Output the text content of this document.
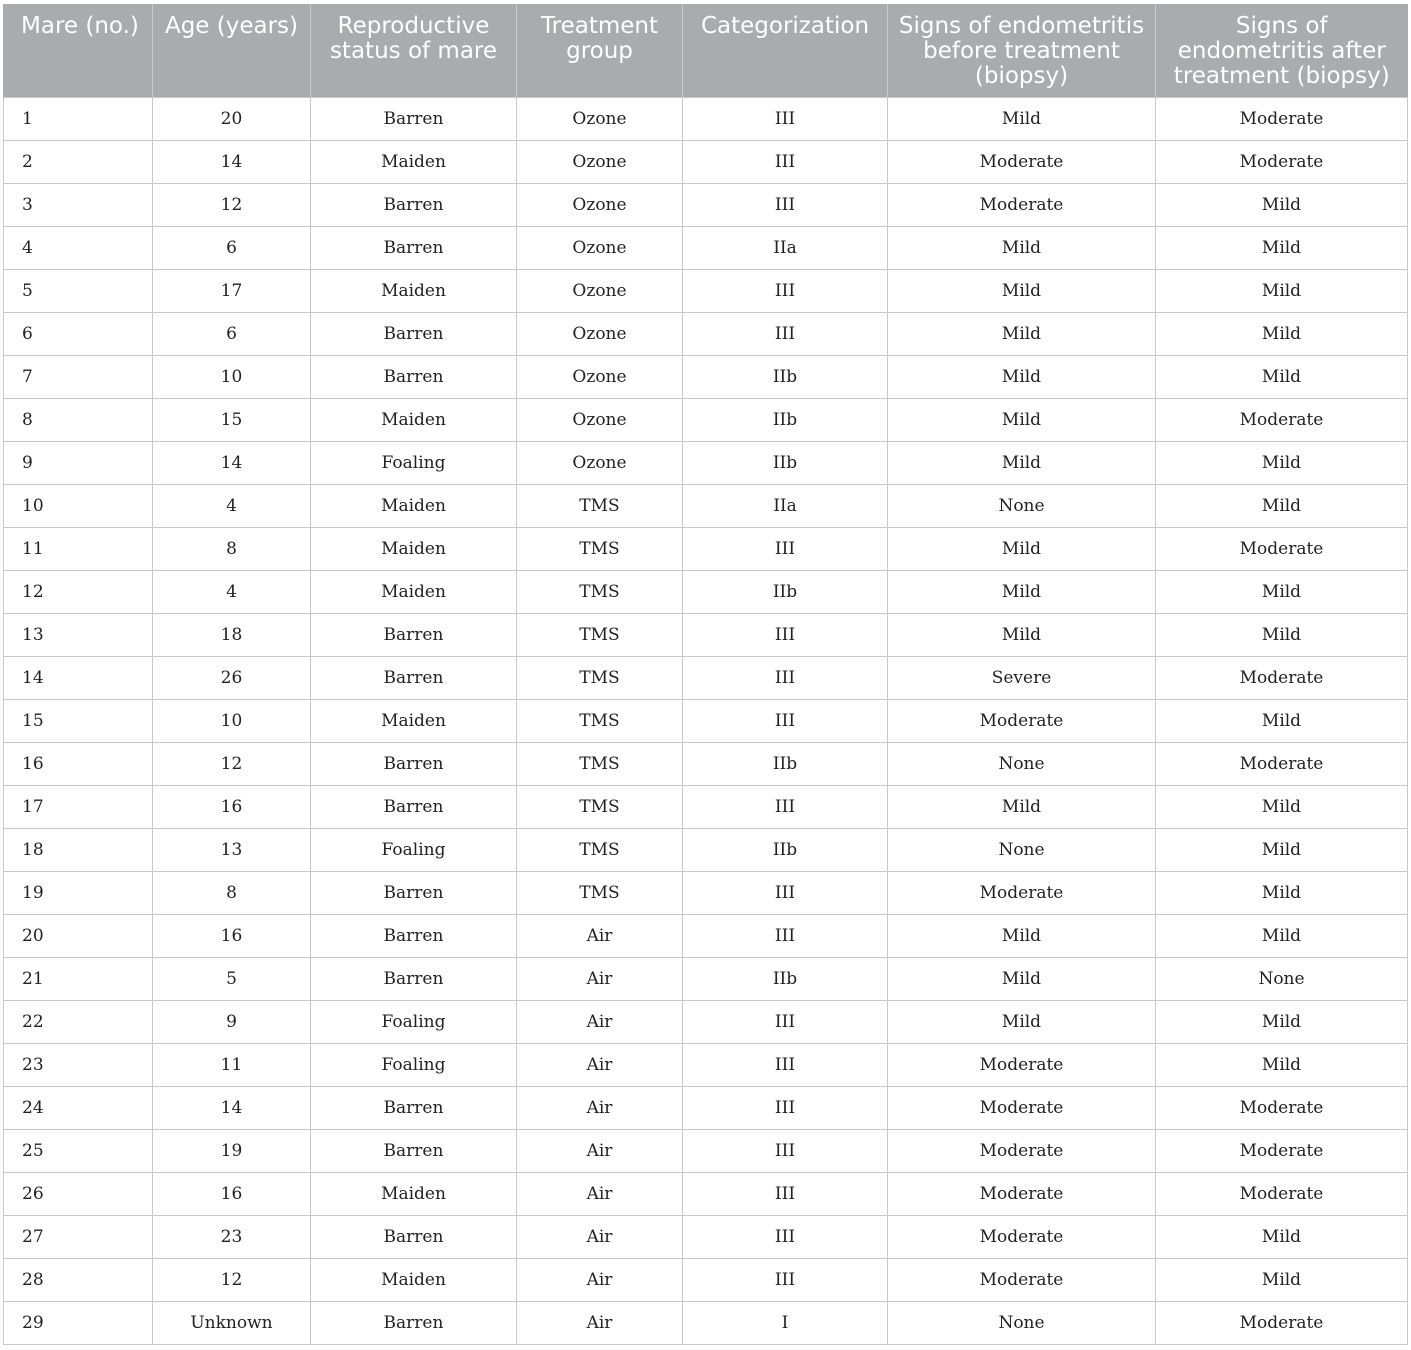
Mare (no.)	Age (years)	Reproductive status of mare	Treatment group	Categorization	Signs of endometritis before treatment (biopsy)	Signs of endometritis after treatment (biopsy)
1	20	Barren	Ozone	III	Mild	Moderate
2	14	Maiden	Ozone	III	Moderate	Moderate
3	12	Barren	Ozone	III	Moderate	Mild
4	6	Barren	Ozone	IIa	Mild	Mild
5	17	Maiden	Ozone	III	Mild	Mild
6	6	Barren	Ozone	III	Mild	Mild
7	10	Barren	Ozone	IIb	Mild	Mild
8	15	Maiden	Ozone	IIb	Mild	Moderate
9	14	Foaling	Ozone	IIb	Mild	Mild
10	4	Maiden	TMS	IIa	None	Mild
11	8	Maiden	TMS	III	Mild	Moderate
12	4	Maiden	TMS	IIb	Mild	Mild
13	18	Barren	TMS	III	Mild	Mild
14	26	Barren	TMS	III	Severe	Moderate
15	10	Maiden	TMS	III	Moderate	Mild
16	12	Barren	TMS	IIb	None	Moderate
17	16	Barren	TMS	III	Mild	Mild
18	13	Foaling	TMS	IIb	None	Mild
19	8	Barren	TMS	III	Moderate	Mild
20	16	Barren	Air	III	Mild	Mild
21	5	Barren	Air	IIb	Mild	None
22	9	Foaling	Air	III	Mild	Mild
23	11	Foaling	Air	III	Moderate	Mild
24	14	Barren	Air	III	Moderate	Moderate
25	19	Barren	Air	III	Moderate	Moderate
26	16	Maiden	Air	III	Moderate	Moderate
27	23	Barren	Air	III	Moderate	Mild
28	12	Maiden	Air	III	Moderate	Mild
29	Unknown	Barren	Air	I	None	Moderate
